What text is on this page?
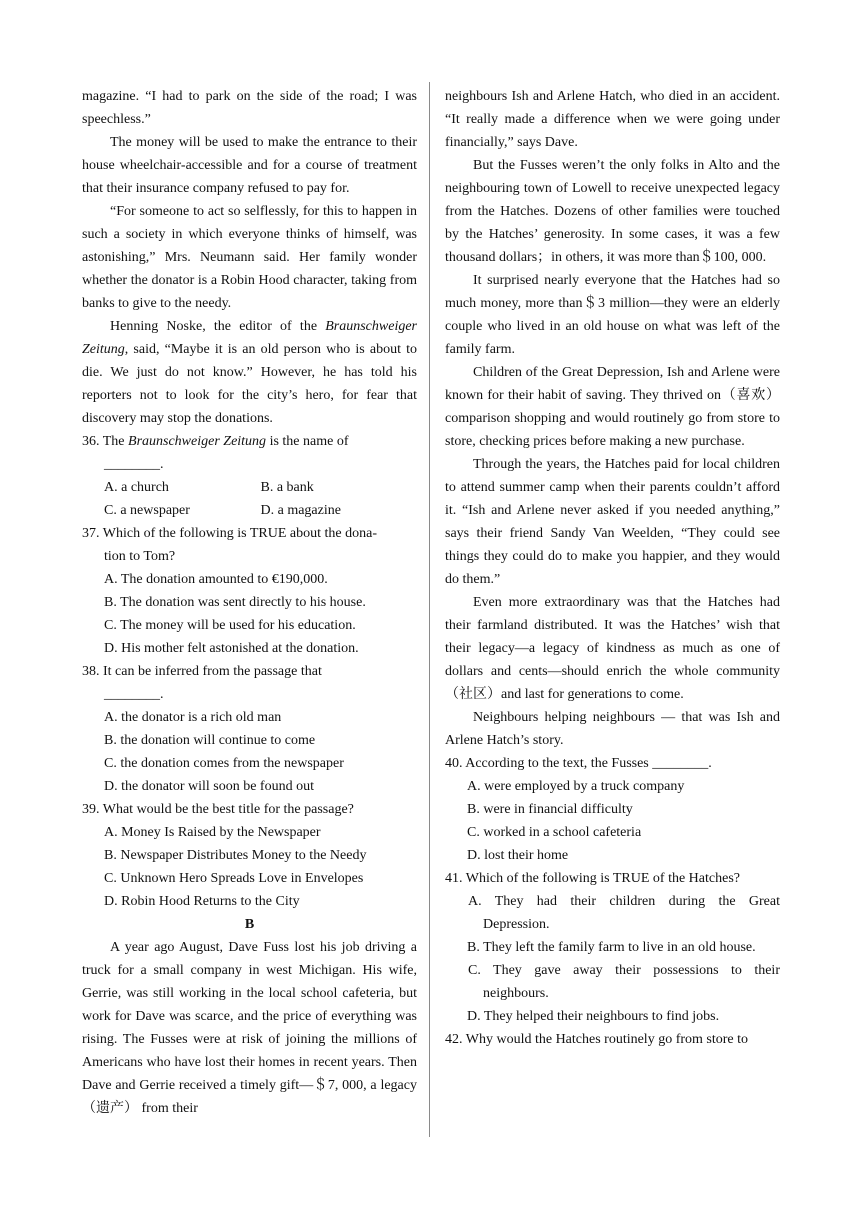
magazine. “I had to park on the side of the road; I was speechless.”

The money will be used to make the entrance to their house wheelchair-accessible and for a course of treatment that their insurance company refused to pay for.

“For someone to act so selflessly, for this to happen in such a society in which everyone thinks of himself, was astonishing,” Mrs. Neumann said. Her family wonder whether the donator is a Robin Hood character, taking from banks to give to the needy.

Henning Noske, the editor of the Braunschweiger Zeitung, said, “Maybe it is an old person who is about to die. We just do not know.” However, he has told his reporters not to look for the city’s hero, for fear that discovery may stop the donations.

36. The Braunschweiger Zeitung is the name of
________.
A. a church	B. a bank
C. a newspaper	D. a magazine
37. Which of the following is TRUE about the dona-
tion to Tom?
A. The donation amounted to €190,000.
B. The donation was sent directly to his house.
C. The money will be used for his education.
D. His mother felt astonished at the donation.
38. It can be inferred from the passage that
________.
A. the donator is a rich old man
B. the donation will continue to come
C. the donation comes from the newspaper
D. the donator will soon be found out
39. What would be the best title for the passage?
A. Money Is Raised by the Newspaper
B. Newspaper Distributes Money to the Needy
C. Unknown Hero Spreads Love in Envelopes
D. Robin Hood Returns to the City
B

A year ago August, Dave Fuss lost his job driving a truck for a small company in west Michigan. His wife, Gerrie, was still working in the local school cafeteria, but work for Dave was scarce, and the price of everything was rising. The Fusses were at risk of joining the millions of Americans who have lost their homes in recent years. Then Dave and Gerrie received a timely gift—＄7, 000, a legacy（遗产） from their

neighbours Ish and Arlene Hatch, who died in an accident. “It really made a difference when we were going under financially,” says Dave.

But the Fusses weren’t the only folks in Alto and the neighbouring town of Lowell to receive unexpected legacy from the Hatches. Dozens of other families were touched by the Hatches’ generosity. In some cases, it was a few thousand dollars；in others, it was more than＄100, 000.

It surprised nearly everyone that the Hatches had so much money, more than＄3 million—they were an elderly couple who lived in an old house on what was left of the family farm.

Children of the Great Depression, Ish and Arlene were known for their habit of saving. They thrived on（喜欢）comparison shopping and would routinely go from store to store, checking prices before making a new purchase.

Through the years, the Hatches paid for local children to attend summer camp when their parents couldn’t afford it. “Ish and Arlene never asked if you needed anything,” says their friend Sandy Van Weelden, “They could see things they could do to make you happier, and they would do them.”

Even more extraordinary was that the Hatches had their farmland distributed. It was the Hatches’ wish that their legacy—a legacy of kindness as much as one of dollars and cents—should enrich the whole community（社区）and last for generations to come.

Neighbours helping neighbours — that was Ish and Arlene Hatch’s story.

40. According to the text, the Fusses ________.
A. were employed by a truck company
B. were in financial difficulty
C. worked in a school cafeteria
D. lost their home
41. Which of the following is TRUE of the Hatches?
A. They had their children during the Great Depression.
B. They left the family farm to live in an old house.
C. They gave away their possessions to their neighbours.
D. They helped their neighbours to find jobs.
42. Why would the Hatches routinely go from store to
